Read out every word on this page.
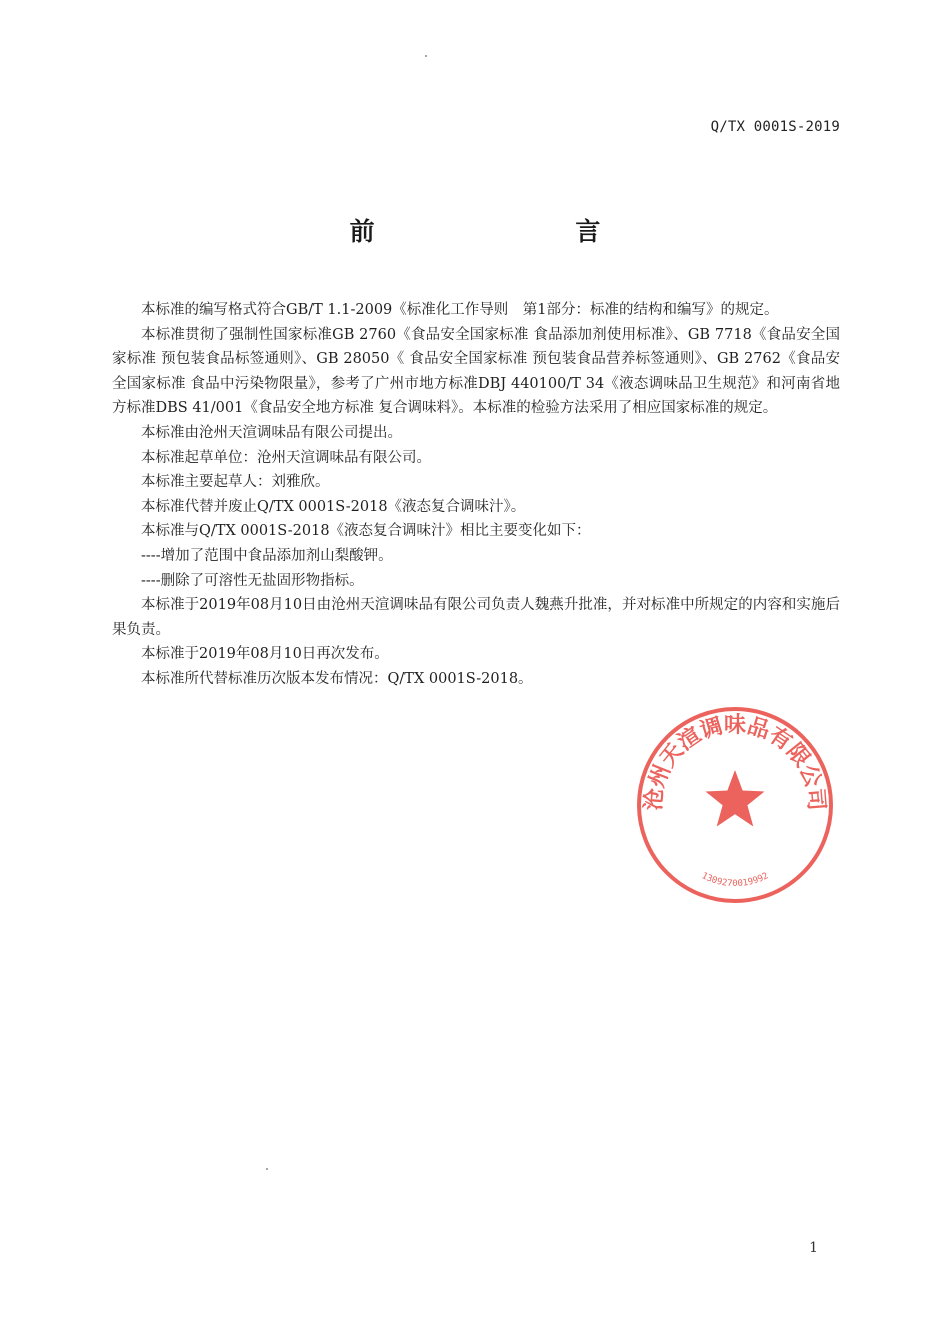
Q/TX 0001S-2019
前 言

本标准的编写格式符合GB/T 1.1-2009《标准化工作导则　第1部分：标准的结构和编写》的规定。

本标准贯彻了强制性国家标准GB 2760《食品安全国家标准 食品添加剂使用标准》、GB 7718《食品安全国家标准 预包装食品标签通则》、GB 28050《 食品安全国家标准 预包装食品营养标签通则》、GB 2762《食品安全国家标准 食品中污染物限量》，参考了广州市地方标准DBJ 440100/T 34《液态调味品卫生规范》和河南省地方标准DBS 41/001《食品安全地方标准 复合调味料》。本标准的检验方法采用了相应国家标准的规定。

本标准由沧州天渲调味品有限公司提出。

本标准起草单位：沧州天渲调味品有限公司。

本标准主要起草人：刘雅欣。

本标准代替并废止Q/TX 0001S-2018《液态复合调味汁》。

本标准与Q/TX 0001S-2018《液态复合调味汁》相比主要变化如下：

----增加了范围中食品添加剂山梨酸钾。

----删除了可溶性无盐固形物指标。

本标准于2019年08月10日由沧州天渲调味品有限公司负责人魏燕升批准，并对标准中所规定的内容和实施后果负责。

本标准于2019年08月10日再次发布。

本标准所代替标准历次版本发布情况：Q/TX 0001S-2018。

沧州天渲调味品有限公司
1309270019992
1
